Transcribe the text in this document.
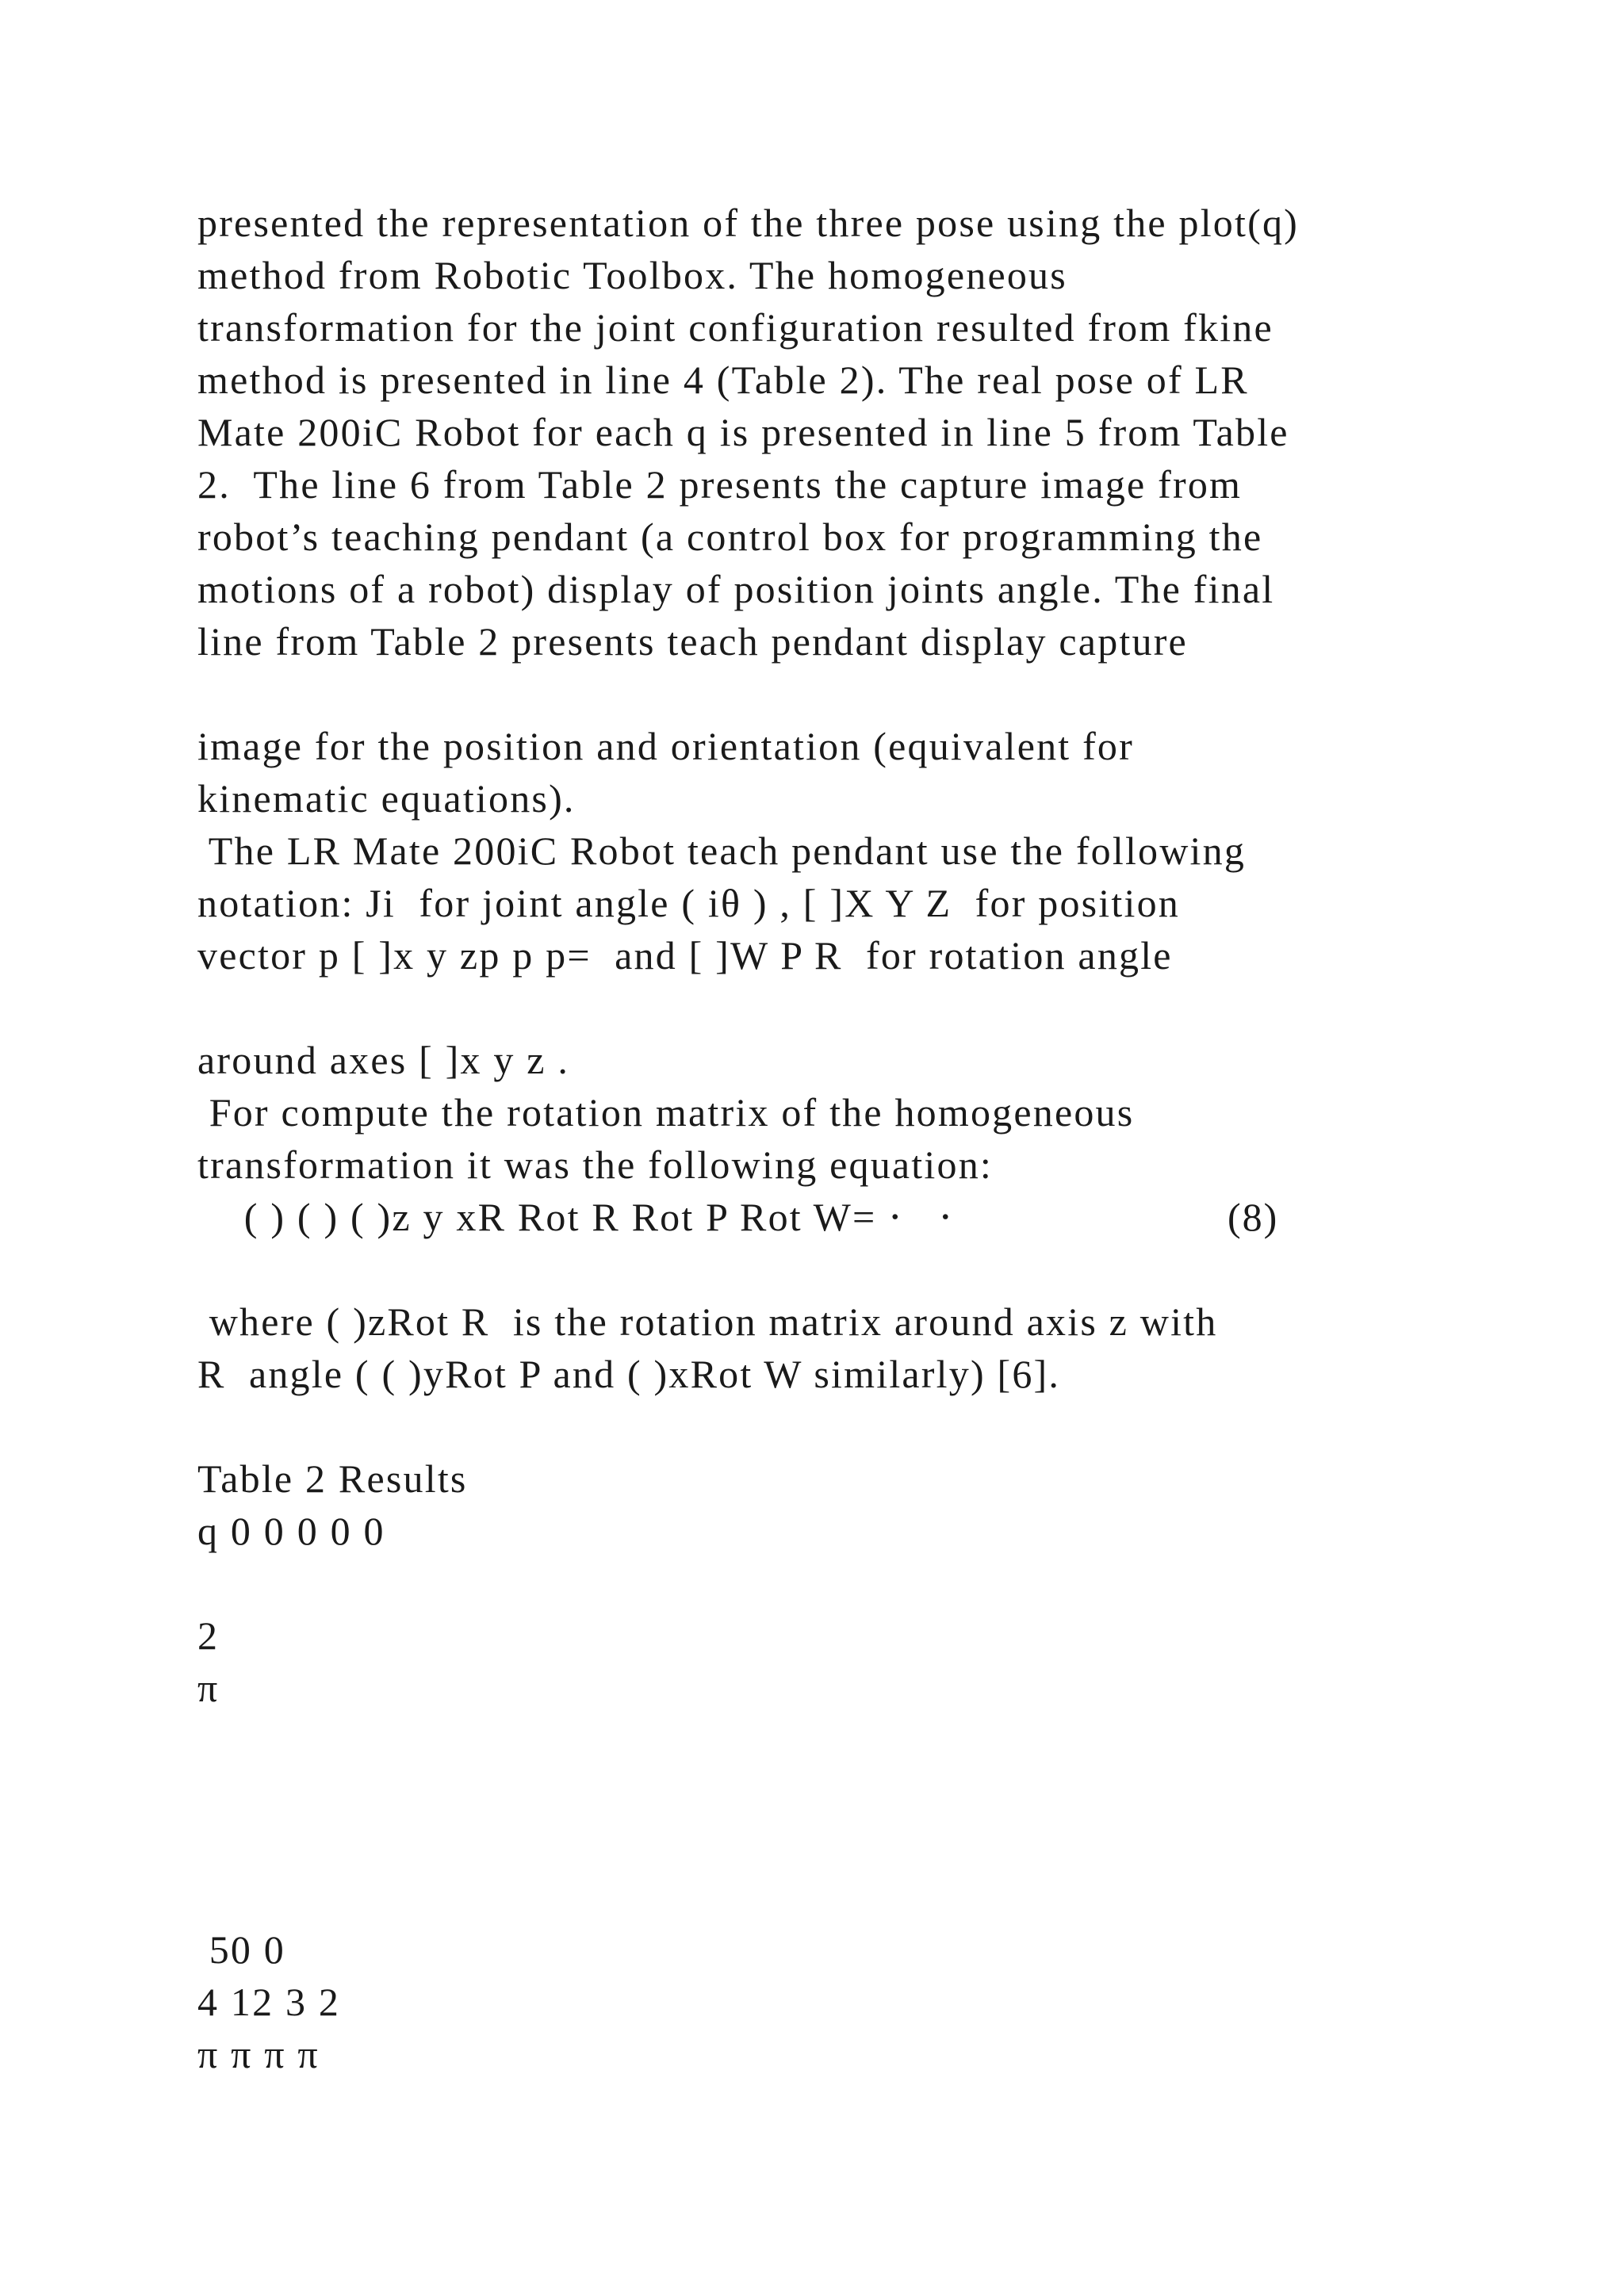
presented the representation of the three pose using the plot(q)
method from Robotic Toolbox. The homogeneous
transformation for the joint configuration resulted from fkine
method is presented in line 4 (Table 2). The real pose of LR
Mate 200iC Robot for each q is presented in line 5 from Table
2.  The line 6 from Table 2 presents the capture image from
robot’s teaching pendant (a control box for programming the
motions of a robot) display of position joints angle. The final
line from Table 2 presents teach pendant display capture
image for the position and orientation (equivalent for
kinematic equations).
The LR Mate 200iC Robot teach pendant use the following
notation: Ji  for joint angle ( iθ ) , [ ]X Y Z  for position
vector p [ ]x y zp p p=  and [ ]W P R  for rotation angle
around axes [ ]x y z .
For compute the rotation matrix of the homogeneous
transformation it was the following equation:
( ) ( ) ( )z y xR Rot R Rot P Rot W= ⋅   ⋅	(8)
where ( )zRot R  is the rotation matrix around axis z with
R  angle ( ( )yRot P and ( )xRot W similarly) [6].
Table 2 Results
q 0 0 0 0 0
2
π
50 0
4 12 3 2
π π π π
